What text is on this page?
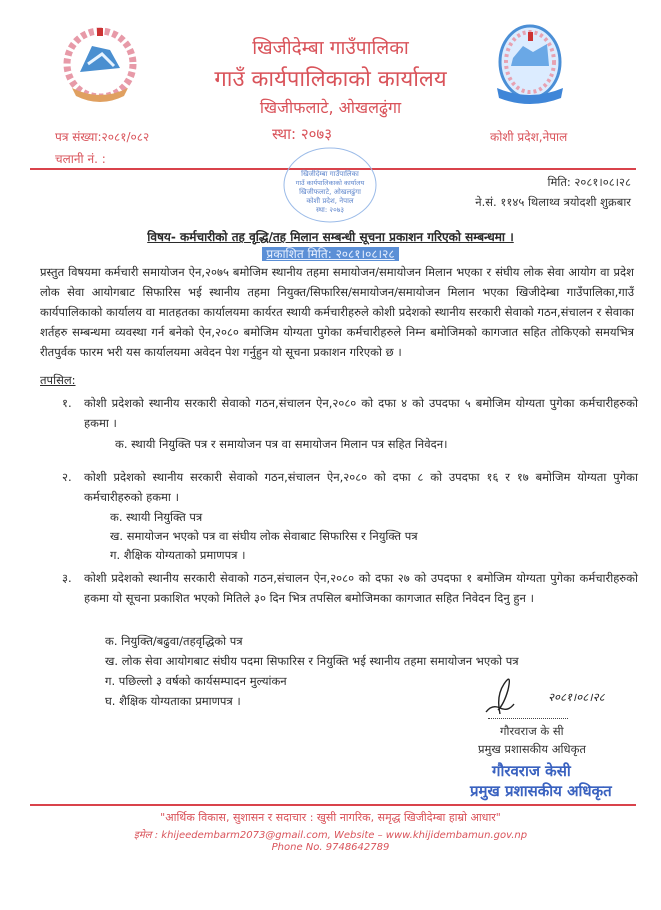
खिजीदेम्बा गाउँपालिका
गाउँ कार्यपालिकाको कार्यालय
खिजीफलाटे, ओखलढुंगा
पत्र संख्या:२०८१/०८२	स्था: २०७३	कोशी प्रदेश,नेपाल
चलानी नं. :
खिजीदेम्बा गाउँपालिका
गाउँ कार्यपालिकाको कार्यालय
खिजीफलाटे, ओखलढुंगा
कोशी प्रदेश, नेपाल
स्था: २०७३
मिति: २०८१।०८।२८
ने.सं. ११४५ थिलाथ्व त्रयोदशी शुक्रबार
विषय- कर्मचारीको तह वृद्धि/तह मिलान सम्बन्धी सूचना प्रकाशन गरिएको सम्बन्धमा ।
प्रकाशित मिति: २०८१।०८।२८
प्रस्तुत विषयमा कर्मचारी समायोजन ऐन,२०७५ बमोजिम स्थानीय तहमा समायोजन/समायोजन मिलान भएका र संघीय लोक सेवा आयोग वा प्रदेश लोक सेवा आयोगबाट सिफारिस भई स्थानीय तहमा नियुक्त/सिफारिस/समायोजन/समायोजन मिलान भएका खिजीदेम्बा गाउँपालिका,गाउँ कार्यपालिकाको कार्यालय वा मातहतका कार्यालयमा कार्यरत स्थायी कर्मचारीहरुले कोशी प्रदेशको स्थानीय सरकारी सेवाको गठन,संचालन र सेवाका शर्तहरु सम्बन्धमा व्यवस्था गर्न बनेको ऐन,२०८० बमोजिम योग्यता पुगेका कर्मचारीहरुले निम्न बमोजिमको कागजात सहित तोकिएको समयभित्र रीतपुर्वक फारम भरी यस कार्यालयमा अवेदन पेश गर्नुहुन यो सूचना प्रकाशन गरिएको छ ।
तपसिल:
१.	कोशी प्रदेशको स्थानीय सरकारी सेवाको गठन,संचालन ऐन,२०८० को दफा ४ को उपदफा ५ बमोजिम योग्यता पुगेका कर्मचारीहरुको हकमा ।
क. स्थायी नियुक्ति पत्र र समायोजन पत्र वा समायोजन मिलान पत्र सहित निवेदन।
२.	कोशी प्रदेशको स्थानीय सरकारी सेवाको गठन,संचालन ऐन,२०८० को दफा ८ को उपदफा १६ र १७ बमोजिम योग्यता पुगेका कर्मचारीहरुको हकमा ।
क. स्थायी नियुक्ति पत्र
ख. समायोजन भएको पत्र वा संघीय लोक सेवाबाट सिफारिस र नियुक्ति पत्र
ग. शैक्षिक योग्यताको प्रमाणपत्र ।
३.	कोशी प्रदेशको स्थानीय सरकारी सेवाको गठन,संचालन ऐन,२०८० को दफा २७ को उपदफा १ बमोजिम योग्यता पुगेका कर्मचारीहरुको हकमा यो सूचना प्रकाशित भएको मितिले ३० दिन भित्र तपसिल बमोजिमका कागजात सहित निवेदन दिनु हुन ।
क. नियुक्ति/बढुवा/तहवृद्धिको पत्र
ख. लोक सेवा आयोगबाट संघीय पदमा सिफारिस र नियुक्ति भई स्थानीय तहमा समायोजन भएको पत्र
ग. पछिल्लो ३ वर्षको कार्यसम्पादन मुल्यांकन
घ. शैक्षिक योग्यताका प्रमाणपत्र ।	२०८१।०८।२८
गौरवराज के सी
प्रमुख प्रशासकीय अधिकृत
गौरवराज केसी
प्रमुख प्रशासकीय अधिकृत
"आर्थिक विकास, सुशासन र सदाचार : खुसी नागरिक, समृद्ध खिजीदेम्बा हाम्रो आधार"
इमेल : khijeedembarm2073@gmail.com, Website – www.khijidembamun.gov.np
Phone No. 9748642789
